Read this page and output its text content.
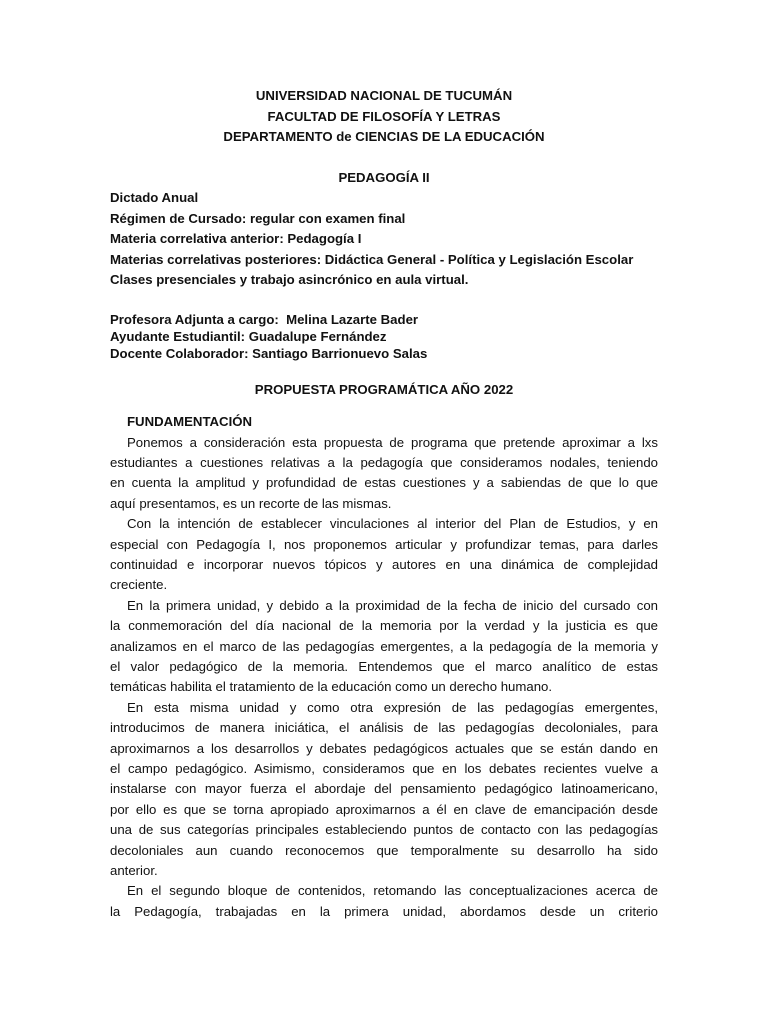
UNIVERSIDAD NACIONAL DE TUCUMÁN
FACULTAD DE FILOSOFÍA Y LETRAS
DEPARTAMENTO de CIENCIAS DE LA EDUCACIÓN
PEDAGOGÍA II
Dictado Anual
Régimen de Cursado: regular con examen final
Materia correlativa anterior: Pedagogía I
Materias correlativas posteriores: Didáctica General - Política y Legislación Escolar
Clases presenciales y trabajo asincrónico en aula virtual.
Profesora Adjunta a cargo:  Melina Lazarte Bader
Ayudante Estudiantil: Guadalupe Fernández
Docente Colaborador: Santiago Barrionuevo Salas
PROPUESTA PROGRAMÁTICA AÑO 2022
FUNDAMENTACIÓN
Ponemos a consideración esta propuesta de programa que pretende aproximar a lxs
estudiantes a cuestiones relativas a la pedagogía que consideramos nodales, teniendo
en cuenta la amplitud y profundidad de estas cuestiones y a sabiendas de que lo que
aquí presentamos, es un recorte de las mismas.
Con la intención de establecer vinculaciones al interior del Plan de Estudios, y en
especial con Pedagogía I, nos proponemos articular y profundizar temas, para darles
continuidad e incorporar nuevos tópicos y autores en una dinámica de complejidad
creciente.
En la primera unidad, y debido a la proximidad de la fecha de inicio del cursado con
la conmemoración del día nacional de la memoria por la verdad y la justicia es que
analizamos en el marco de las pedagogías emergentes, a la pedagogía de la memoria y
el valor pedagógico de la memoria. Entendemos que el marco analítico de estas
temáticas habilita el tratamiento de la educación como un derecho humano.
En esta misma unidad y como otra expresión de las pedagogías emergentes,
introducimos de manera iniciática, el análisis de las pedagogías decoloniales, para
aproximarnos a los desarrollos y debates pedagógicos actuales que se están dando en
el campo pedagógico. Asimismo, consideramos que en los debates recientes vuelve a
instalarse con mayor fuerza el abordaje del pensamiento pedagógico latinoamericano,
por ello es que se torna apropiado aproximarnos a él en clave de emancipación desde
una de sus categorías principales estableciendo puntos de contacto con las pedagogías
decoloniales aun cuando reconocemos que temporalmente su desarrollo ha sido
anterior.
En el segundo bloque de contenidos, retomando las conceptualizaciones acerca de
la Pedagogía, trabajadas en la primera unidad, abordamos desde un criterio
